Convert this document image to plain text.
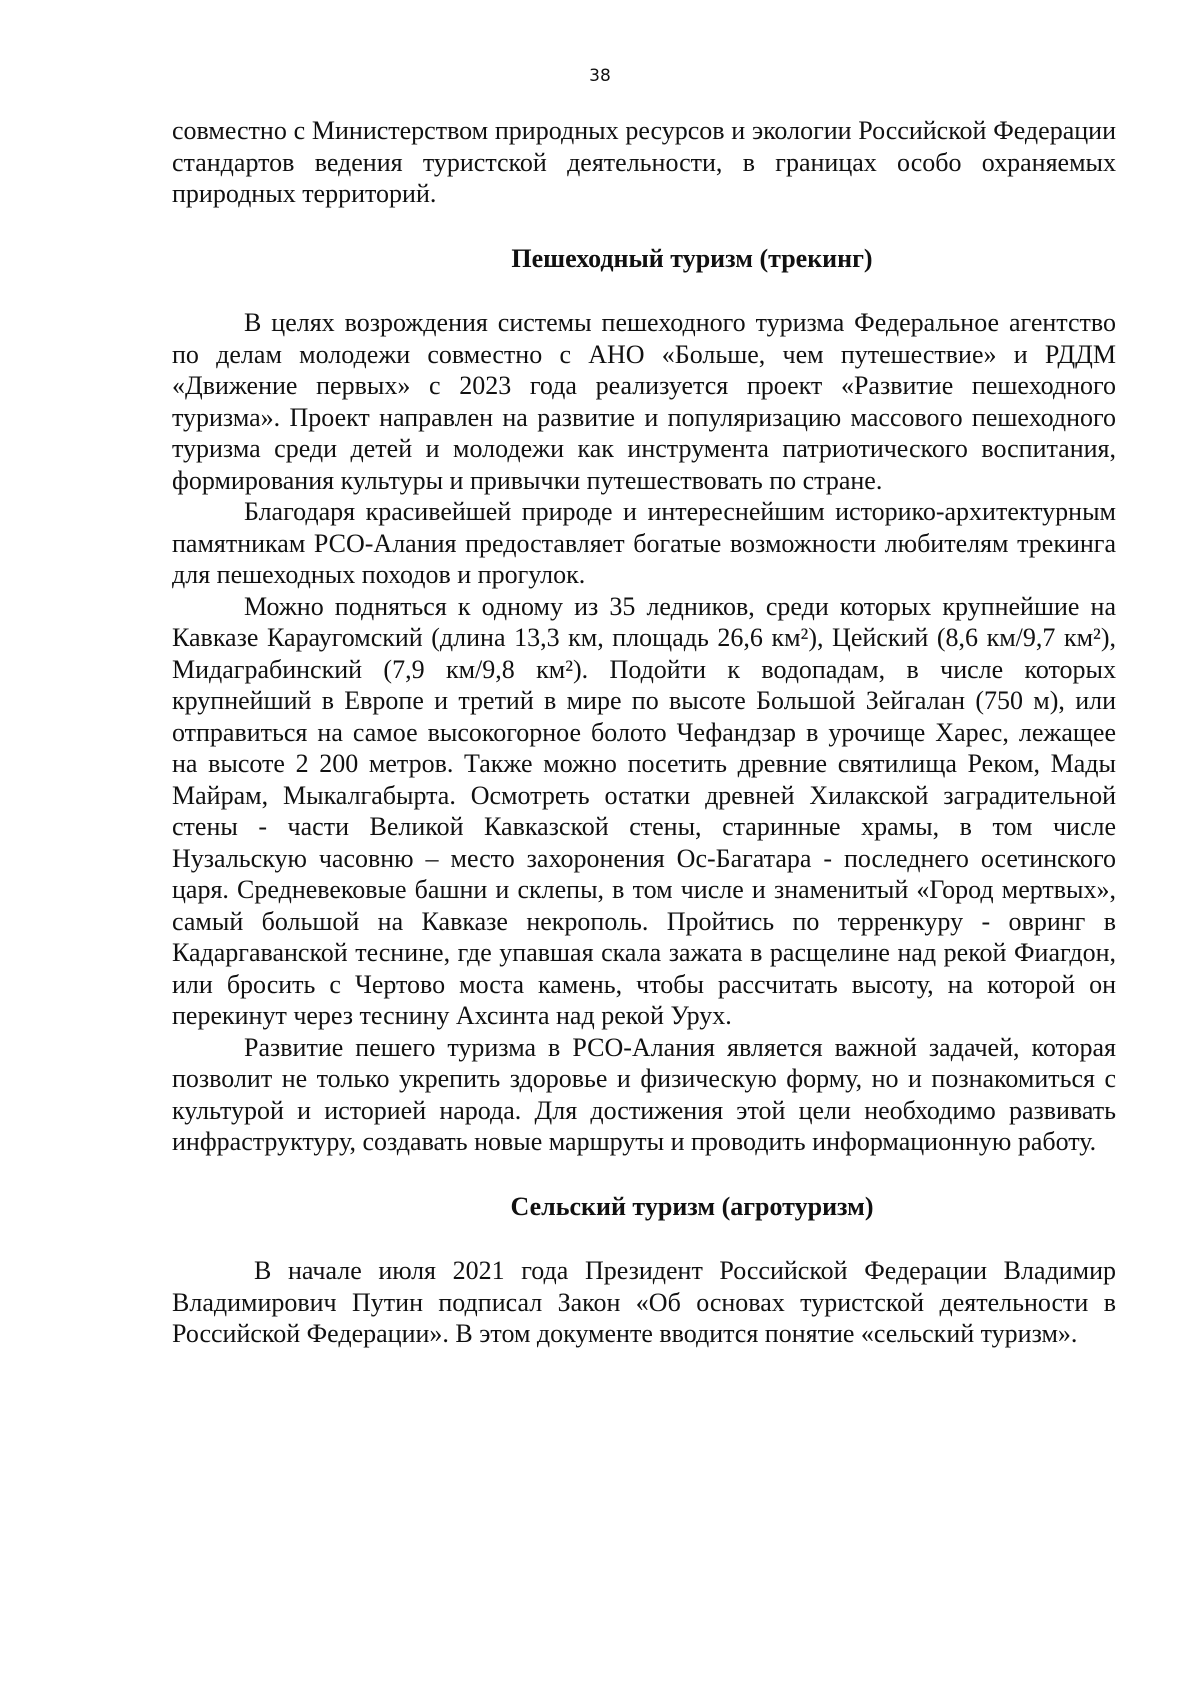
38

совместно с Министерством природных ресурсов и экологии Российской Федерации стандартов ведения туристской деятельности, в границах особо охраняемых природных территорий.

Пешеходный туризм (трекинг)

В целях возрождения системы пешеходного туризма Федеральное агентство по делам молодежи совместно с АНО «Больше, чем путешествие» и РДДМ «Движение первых» с 2023 года реализуется проект «Развитие пешеходного туризма». Проект направлен на развитие и популяризацию массового пешеходного туризма среди детей и молодежи как инструмента патриотического воспитания, формирования культуры и привычки путешествовать по стране.

Благодаря красивейшей природе и интереснейшим историко-архитектурным памятникам РСО-Алания предоставляет богатые возможности любителям трекинга для пешеходных походов и прогулок.

Можно подняться к одному из 35 ледников, среди которых крупнейшие на Кавказе Караугомский (длина 13,3 км, площадь 26,6 км²), Цейский (8,6 км/9,7 км²), Мидаграбинский (7,9 км/9,8 км²). Подойти к водопадам, в числе которых крупнейший в Европе и третий в мире по высоте Большой Зейгалан (750 м), или отправиться на самое высокогорное болото Чефандзар в урочище Харес, лежащее на высоте 2 200 метров. Также можно посетить древние святилища Реком, Мады Майрам, Мыкалгабырта. Осмотреть остатки древней Хилакской заградительной стены - части Великой Кавказской стены, старинные храмы, в том числе Нузальскую часовню – место захоронения Ос-Багатара - последнего осетинского царя. Средневековые башни и склепы, в том числе и знаменитый «Город мертвых», самый большой на Кавказе некрополь. Пройтись по терренкуру - овринг в Кадаргаванской теснине, где упавшая скала зажата в расщелине над рекой Фиагдон, или бросить с Чертово моста камень, чтобы рассчитать высоту, на которой он перекинут через теснину Ахсинта над рекой Урух.

Развитие пешего туризма в РСО-Алания является важной задачей, которая позволит не только укрепить здоровье и физическую форму, но и познакомиться с культурой и историей народа. Для достижения этой цели необходимо развивать инфраструктуру, создавать новые маршруты и проводить информационную работу.

Сельский туризм (агротуризм)

В начале июля 2021 года Президент Российской Федерации Владимир Владимирович Путин подписал Закон «Об основах туристской деятельности в Российской Федерации». В этом документе вводится понятие «сельский туризм».
